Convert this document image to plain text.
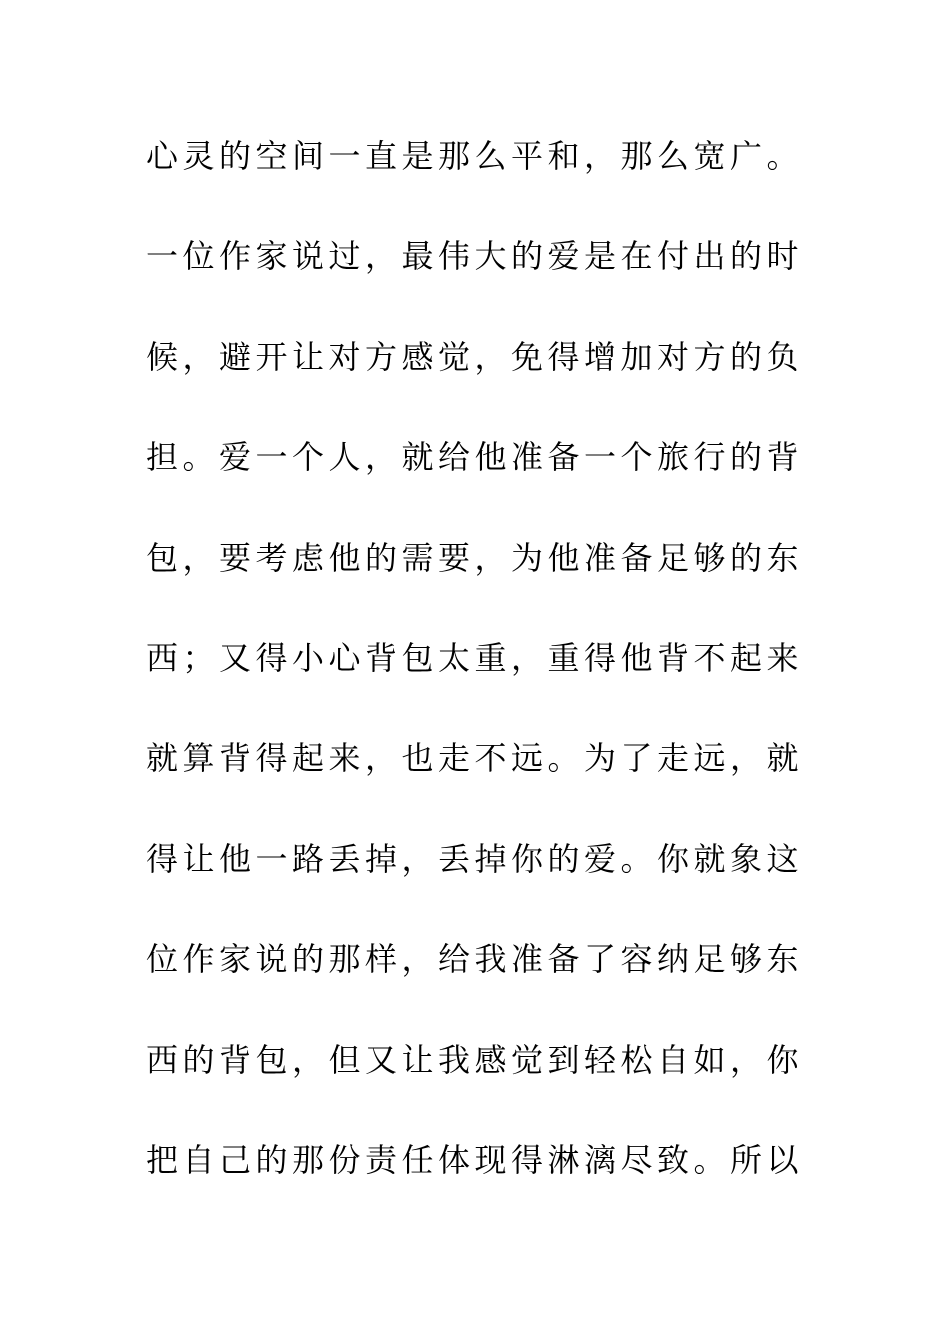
心灵的空间一直是那么平和，那么宽广。
一位作家说过，最伟大的爱是在付出的时
候，避开让对方感觉，免得增加对方的负
担。爱一个人，就给他准备一个旅行的背
包，要考虑他的需要，为他准备足够的东
西；又得小心背包太重，重得他背不起来
就算背得起来，也走不远。为了走远，就
得让他一路丢掉，丢掉你的爱。你就象这
位作家说的那样，给我准备了容纳足够东
西的背包，但又让我感觉到轻松自如，你
把自己的那份责任体现得淋漓尽致。所以
